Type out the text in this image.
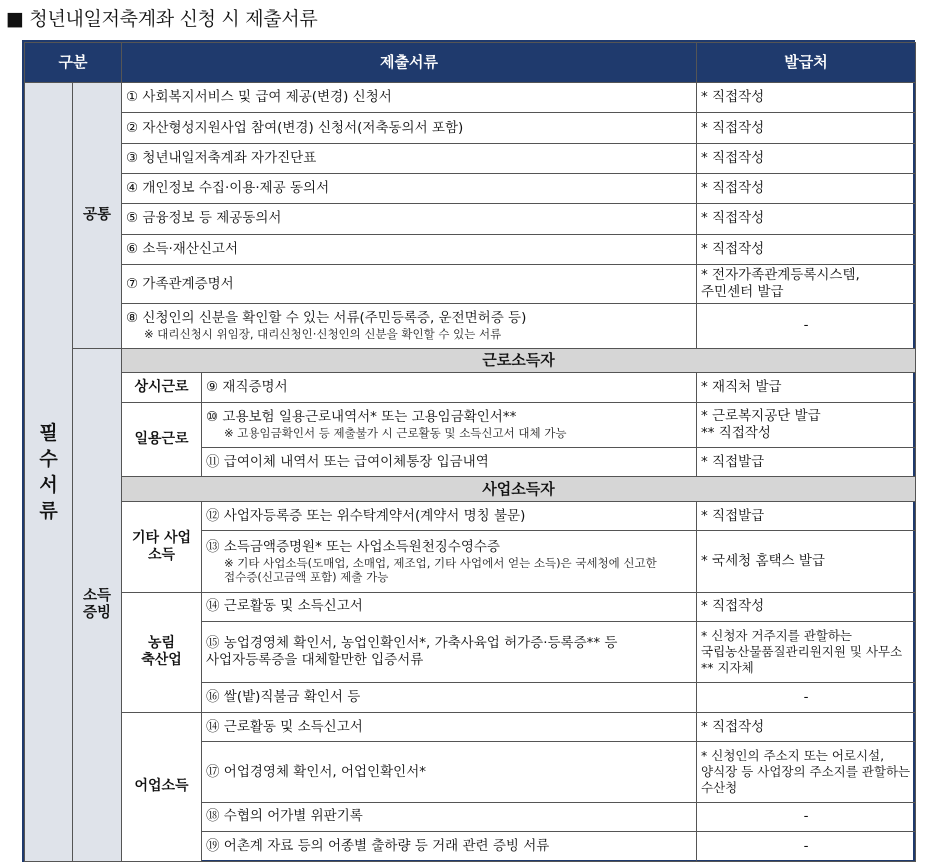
■ 청년내일저축계좌 신청 시 제출서류
구분		제출서류		발급처
필
수
서
류	공통	① 사회복지서비스 및 급여 제공(변경) 신청서		* 직접작성
		② 자산형성지원사업 참여(변경) 신청서(저축동의서 포함)		* 직접작성
		③ 청년내일저축계좌 자가진단표		* 직접작성
		④ 개인정보 수집·이용·제공 동의서		* 직접작성
		⑤ 금융정보 등 제공동의서		* 직접작성
		⑥ 소득·재산신고서		* 직접작성
		⑦ 가족관계증명서		* 전자가족관계등록시스템,
주민센터 발급
		⑧ 신청인의 신분을 확인할 수 있는 서류(주민등록증, 운전면허증 등)
※ 대리신청시 위임장, 대리신청인·신청인의 신분을 확인할 수 있는 서류		-
	소득
증빙	근로소득자		
		상시근로	⑨ 재직증명서	* 재직처 발급
		일용근로	⑩ 고용보험 일용근로내역서* 또는 고용임금확인서**
※ 고용임금확인서 등 제출불가 시 근로활동 및 소득신고서 대체 가능	* 근로복지공단 발급
** 직접작성
			⑪ 급여이체 내역서 또는 급여이체통장 입금내역	* 직접발급
		사업소득자		
		기타 사업
소득	⑫ 사업자등록증 또는 위수탁계약서(계약서 명칭 불문)	* 직접발급
			⑬ 소득금액증명원* 또는 사업소득원천징수영수증
※ 기타 사업소득(도매업, 소매업, 제조업, 기타 사업에서 얻는 소득)은 국세청에 신고한 접수증(신고금액 포함) 제출 가능	* 국세청 홈택스 발급
		농림
축산업	⑭ 근로활동 및 소득신고서	* 직접작성
			⑮ 농업경영체 확인서, 농업인확인서*, 가축사육업 허가증·등록증** 등 사업자등록증을 대체할만한 입증서류	* 신청자 거주지를 관할하는 국립농산물품질관리원지원 및 사무소
** 지자체
			⑯ 쌀(밭)직불금 확인서 등	-
		어업소득	⑭ 근로활동 및 소득신고서	* 직접작성
			⑰ 어업경영체 확인서, 어업인확인서*	* 신청인의 주소지 또는 어로시설, 양식장 등 사업장의 주소지를 관할하는 수산청
			⑱ 수협의 어가별 위판기록	-
			⑲ 어촌계 자료 등의 어종별 출하량 등 거래 관련 증빙 서류	-
